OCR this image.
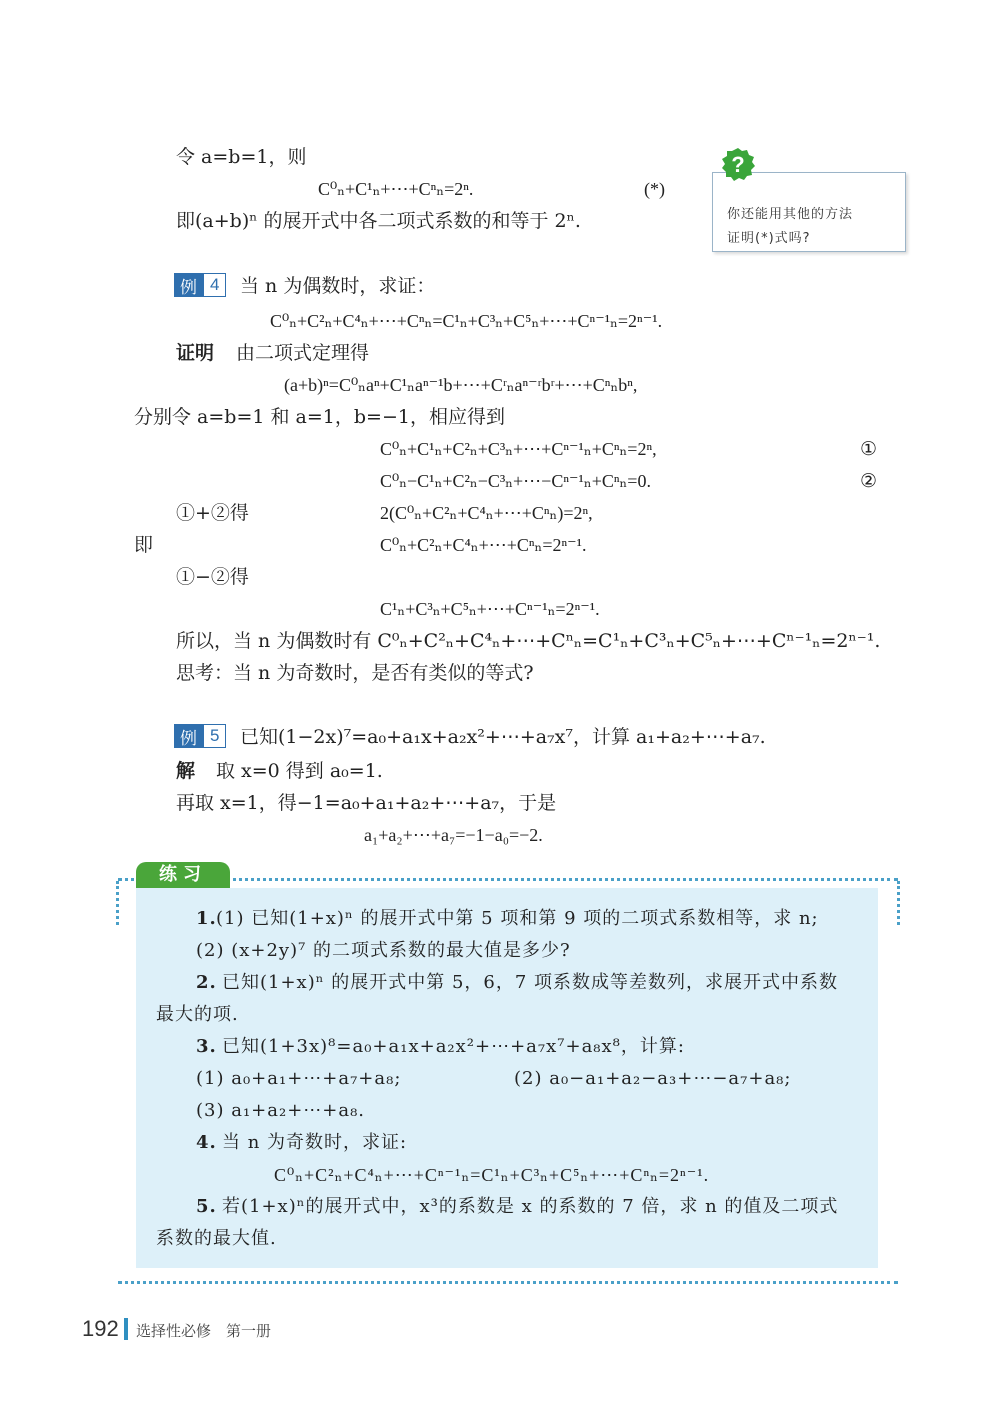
令 a=b=1，则
C⁰ₙ+C¹ₙ+⋯+Cⁿₙ=2ⁿ.	(*)
即(a+b)ⁿ 的展开式中各二项式系数的和等于 2ⁿ.	你还能用其他的方法
证明(*)式吗?
?
例 4	当 n 为偶数时，求证：
C⁰ₙ+C²ₙ+C⁴ₙ+⋯+Cⁿₙ=C¹ₙ+C³ₙ+C⁵ₙ+⋯+Cⁿ⁻¹ₙ=2ⁿ⁻¹.
证明 由二项式定理得
(a+b)ⁿ=C⁰ₙaⁿ+C¹ₙaⁿ⁻¹b+⋯+Cʳₙaⁿ⁻ʳbʳ+⋯+Cⁿₙbⁿ,
分别令 a=b=1 和 a=1，b=−1，相应得到
C⁰ₙ+C¹ₙ+C²ₙ+C³ₙ+⋯+Cⁿ⁻¹ₙ+Cⁿₙ=2ⁿ,	①
C⁰ₙ−C¹ₙ+C²ₙ−C³ₙ+⋯−Cⁿ⁻¹ₙ+Cⁿₙ=0.	②
①+②得	2(C⁰ₙ+C²ₙ+C⁴ₙ+⋯+Cⁿₙ)=2ⁿ,
即	C⁰ₙ+C²ₙ+C⁴ₙ+⋯+Cⁿₙ=2ⁿ⁻¹.
①−②得
C¹ₙ+C³ₙ+C⁵ₙ+⋯+Cⁿ⁻¹ₙ=2ⁿ⁻¹.
所以，当 n 为偶数时有 C⁰ₙ+C²ₙ+C⁴ₙ+⋯+Cⁿₙ=C¹ₙ+C³ₙ+C⁵ₙ+⋯+Cⁿ⁻¹ₙ=2ⁿ⁻¹.
思考：当 n 为奇数时，是否有类似的等式?
例 5	已知(1−2x)⁷=a₀+a₁x+a₂x²+⋯+a₇x⁷，计算 a₁+a₂+⋯+a₇.
解 取 x=0 得到 a₀=1.
再取 x=1，得−1=a₀+a₁+a₂+⋯+a₇，于是
a₁+a₂+⋯+a₇=−1−a₀=−2.
练习
1. (1) 已知(1+x)ⁿ 的展开式中第 5 项和第 9 项的二项式系数相等，求 n;
(2) (x+2y)⁷ 的二项式系数的最大值是多少?
2. 已知(1+x)ⁿ 的展开式中第 5，6，7 项系数成等差数列，求展开式中系数
最大的项.
3. 已知(1+3x)⁸=a₀+a₁x+a₂x²+⋯+a₇x⁷+a₈x⁸，计算:
(1) a₀+a₁+⋯+a₇+a₈;	(2) a₀−a₁+a₂−a₃+⋯−a₇+a₈;
(3) a₁+a₂+⋯+a₈.
4. 当 n 为奇数时，求证:
C⁰ₙ+C²ₙ+C⁴ₙ+⋯+Cⁿ⁻¹ₙ=C¹ₙ+C³ₙ+C⁵ₙ+⋯+Cⁿₙ=2ⁿ⁻¹.
5. 若(1+x)ⁿ的展开式中，x³的系数是 x 的系数的 7 倍，求 n 的值及二项式
系数的最大值.
192 选择性必修　第一册
